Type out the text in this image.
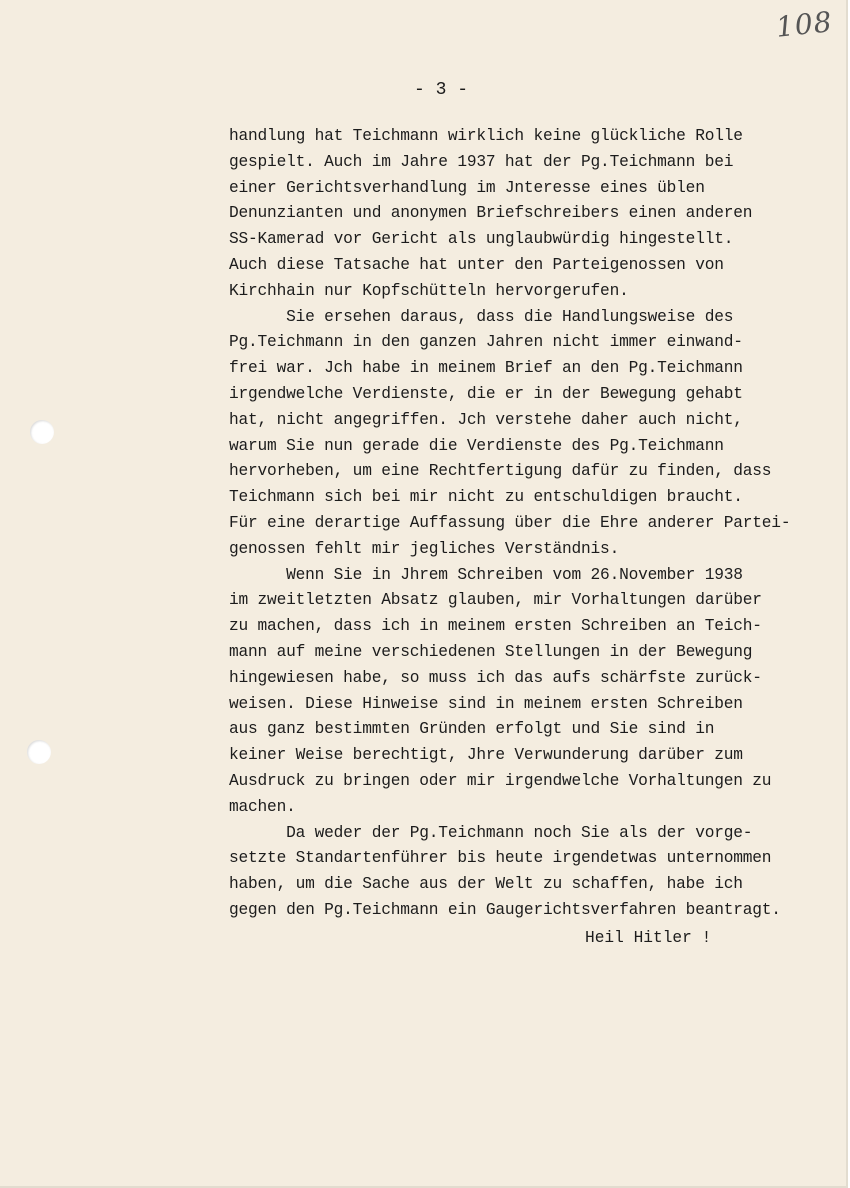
108
- 3 -
handlung hat Teichmann wirklich keine glückliche Rolle
gespielt. Auch im Jahre 1937 hat der Pg.Teichmann bei
einer Gerichtsverhandlung im Jnteresse eines üblen
Denunzianten und anonymen Briefschreibers einen anderen
SS-Kamerad vor Gericht als unglaubwürdig hingestellt.
Auch diese Tatsache hat unter den Parteigenossen von
Kirchhain nur Kopfschütteln hervorgerufen.
Sie ersehen daraus, dass die Handlungsweise des
Pg.Teichmann in den ganzen Jahren nicht immer einwand-
frei war. Jch habe in meinem Brief an den Pg.Teichmann
irgendwelche Verdienste, die er in der Bewegung gehabt
hat, nicht angegriffen. Jch verstehe daher auch nicht,
warum Sie nun gerade die Verdienste des Pg.Teichmann
hervorheben, um eine Rechtfertigung dafür zu finden, dass
Teichmann sich bei mir nicht zu entschuldigen braucht.
Für eine derartige Auffassung über die Ehre anderer Partei-
genossen fehlt mir jegliches Verständnis.
Wenn Sie in Jhrem Schreiben vom 26.November 1938
im zweitletzten Absatz glauben, mir Vorhaltungen darüber
zu machen, dass ich in meinem ersten Schreiben an Teich-
mann auf meine verschiedenen Stellungen in der Bewegung
hingewiesen habe, so muss ich das aufs schärfste zurück-
weisen. Diese Hinweise sind in meinem ersten Schreiben
aus ganz bestimmten Gründen erfolgt und Sie sind in
keiner Weise berechtigt, Jhre Verwunderung darüber zum
Ausdruck zu bringen oder mir irgendwelche Vorhaltungen zu
machen.
Da weder der Pg.Teichmann noch Sie als der vorge-
setzte Standartenführer bis heute irgendetwas unternommen
haben, um die Sache aus der Welt zu schaffen, habe ich
gegen den Pg.Teichmann ein Gaugerichtsverfahren beantragt.
Heil Hitler !
